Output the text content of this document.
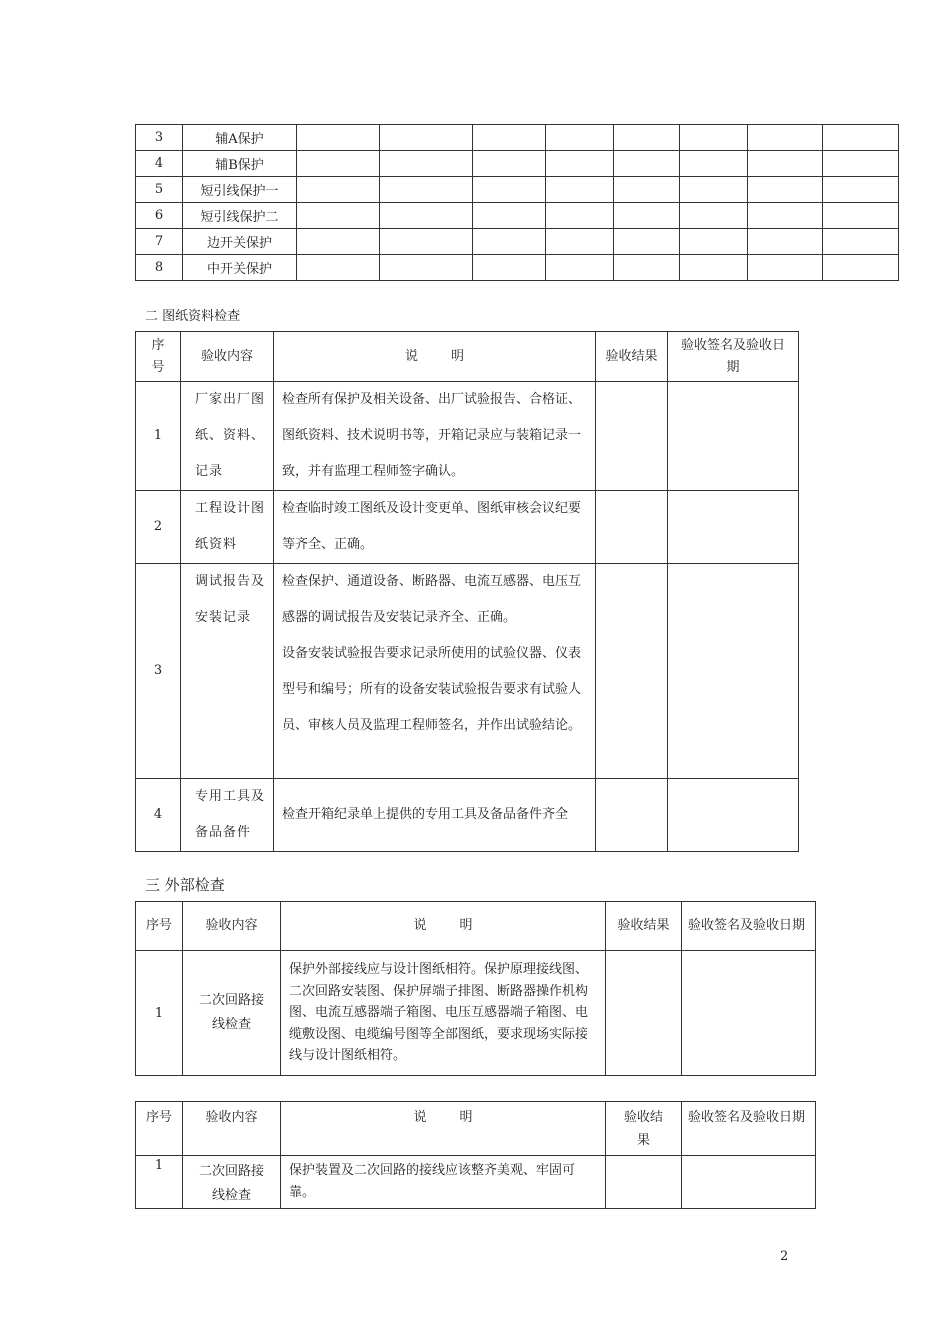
3	辅A保护								
4	辅B保护								
5	短引线保护一								
6	短引线保护二								
7	边开关保护								
8	中开关保护								
二 图纸资料检查
序号	验收内容	说        明	验收结果	验收签名及验收日期
1	厂家出厂图纸、资料、记录	检查所有保护及相关设备、出厂试验报告、合格证、图纸资料、技术说明书等，开箱记录应与装箱记录一致，并有监理工程师签字确认。		
2	工程设计图纸资料	检查临时竣工图纸及设计变更单、图纸审核会议纪要等齐全、正确。		
3	调试报告及安装记录	检查保护、通道设备、断路器、电流互感器、电压互感器的调试报告及安装记录齐全、正确。
设备安装试验报告要求记录所使用的试验仪器、仪表型号和编号；所有的设备安装试验报告要求有试验人员、审核人员及监理工程师签名，并作出试验结论。		

4	专用工具及备品备件	检查开箱纪录单上提供的专用工具及备品备件齐全		
三 外部检查
序号	验收内容	说        明	验收结果	验收签名及验收日期
1	二次回路接线检查	保护外部接线应与设计图纸相符。保护原理接线图、二次回路安装图、保护屏端子排图、断路器操作机构图、电流互感器端子箱图、电压互感器端子箱图、电缆敷设图、电缆编号图等全部图纸，要求现场实际接线与设计图纸相符。		
序号	验收内容	说        明	验收结果	验收签名及验收日期
1	二次回路接线检查	保护装置及二次回路的接线应该整齐美观、牢固可靠。		
2
